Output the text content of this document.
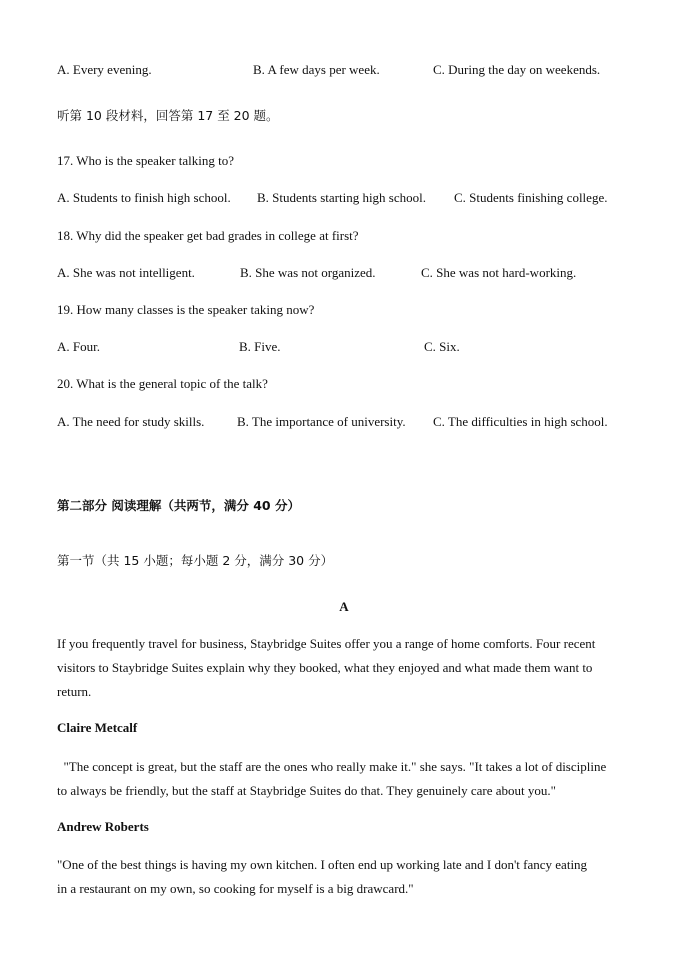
A. Every evening.	B. A few days per week.	C. During the day on weekends.
听第 10 段材料，回答第 17 至 20 题。
17. Who is the speaker talking to?
A. Students to finish high school. B. Students starting high school. C. Students finishing college.
18. Why did the speaker get bad grades in college at first?
A. She was not intelligent.	B. She was not organized.	C. She was not hard-working.
19. How many classes is the speaker taking now?
A. Four.	B. Five.	C. Six.
20. What is the general topic of the talk?
A. The need for study skills.	B. The importance of university. C. The difficulties in high school.
第二部分 阅读理解（共两节，满分 40 分）
第一节（共 15 小题；每小题 2 分，满分 30 分）
A
If you frequently travel for business, Staybridge Suites offer you a range of home comforts. Four recent
visitors to Staybridge Suites explain why they booked, what they enjoyed and what made them want to
return.
Claire Metcalf
"The concept is great, but the staff are the ones who really make it." she says. "It takes a lot of discipline
to always be friendly, but the staff at Staybridge Suites do that. They genuinely care about you."
Andrew Roberts
"One of the best things is having my own kitchen. I often end up working late and I don't fancy eating
in a restaurant on my own, so cooking for myself is a big drawcard."
